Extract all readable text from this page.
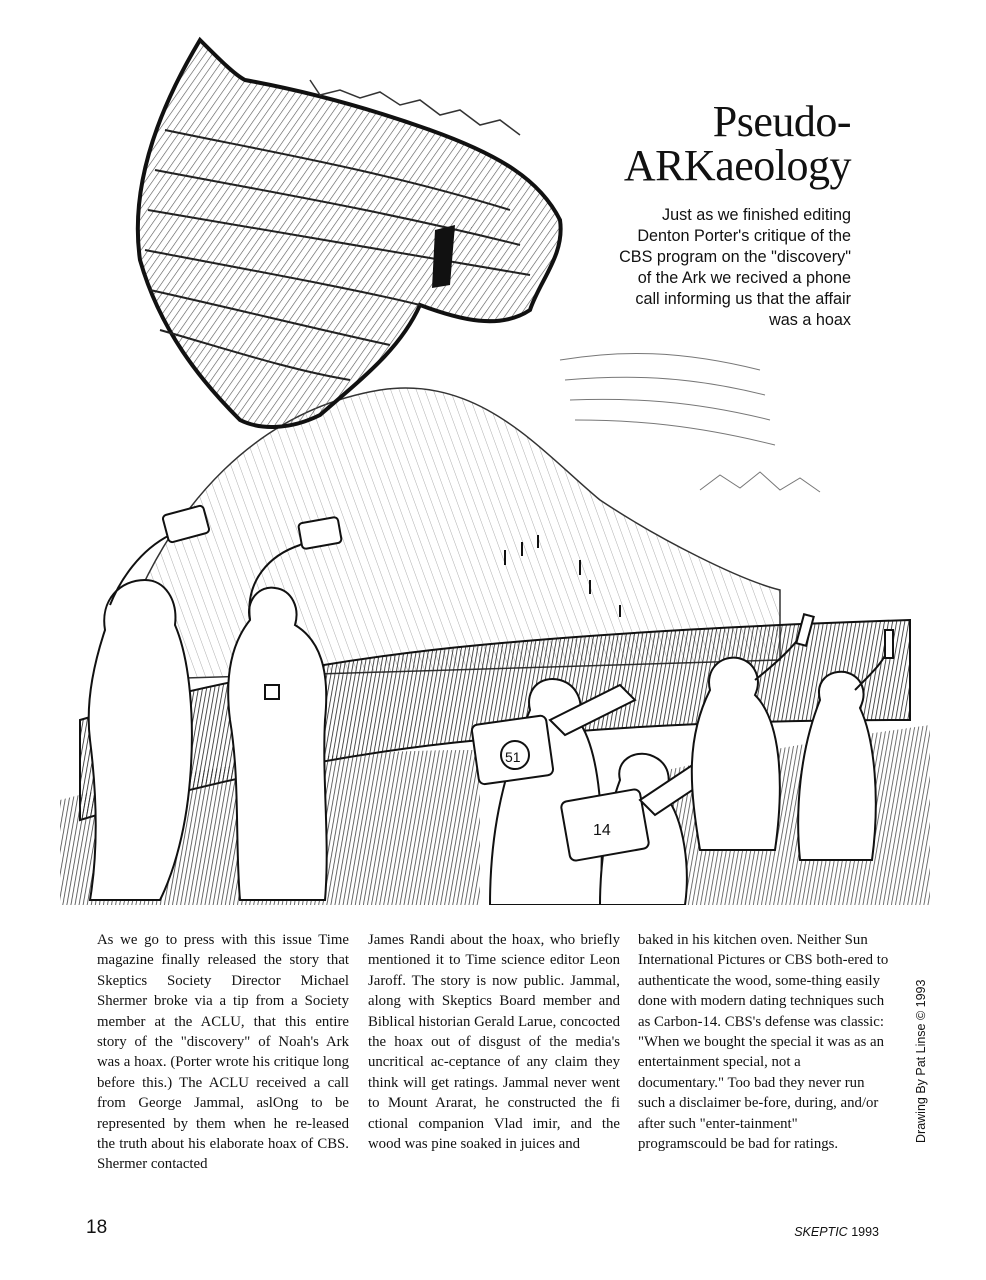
51
14
Pseudo-
ARKaeology
Just as we finished editing Denton Porter's critique of the CBS program on the "discovery" of the Ark we recived a phone call informing us that the affair was a hoax

As we go to press with this issue Time magazine finally released the story that Skeptics Society Director Michael Shermer broke via a tip from a Society member at the ACLU, that this entire story of the "discovery" of Noah's Ark was a hoax. (Porter wrote his critique long before this.) The ACLU received a call from George Jammal, aslOng to be represented by them when he re-leased the truth about his elaborate hoax of CBS. Shermer contacted

James Randi about the hoax, who briefly mentioned it to Time science editor Leon Jaroff. The story is now public. Jammal, along with Skeptics Board member and Biblical historian Gerald Larue, concocted the hoax out of disgust of the media's uncritical ac-ceptance of any claim they think will get ratings. Jammal never went to Mount Ararat, he constructed the fi ctional companion Vlad imir, and the wood was pine soaked in juices and

baked in his kitchen oven. Neither Sun International Pictures or CBS both-ered to authenticate the wood, some-thing easily done with modern dating techniques such as Carbon-14. CBS's defense was classic: "When we bought the special it was as an entertainment special, not a documentary." Too bad they never run such a disclaimer be-fore, during, and/or after such "enter-tainment" programscould be bad for ratings.

Drawing By Pat Linse © 1993
18	SKEPTIC 1993
